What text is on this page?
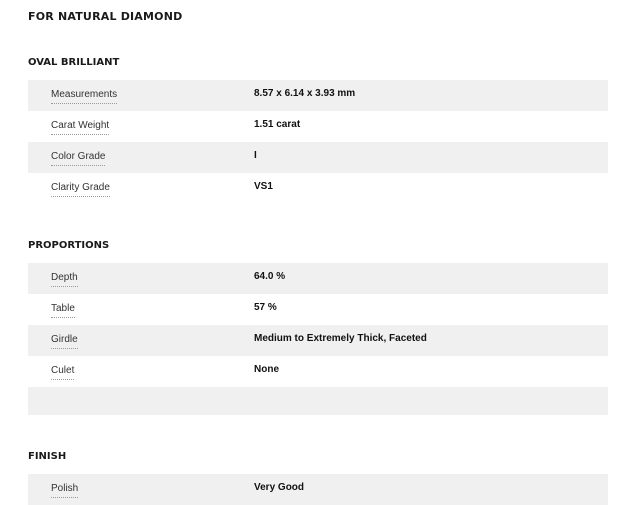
FOR NATURAL DIAMOND
OVAL BRILLIANT
Measurements	8.57 x 6.14 x 3.93 mm
Carat Weight	1.51 carat
Color Grade	I
Clarity Grade	VS1
PROPORTIONS
Depth	64.0 %
Table	57 %
Girdle	Medium to Extremely Thick, Faceted
Culet	None
FINISH
Polish	Very Good
